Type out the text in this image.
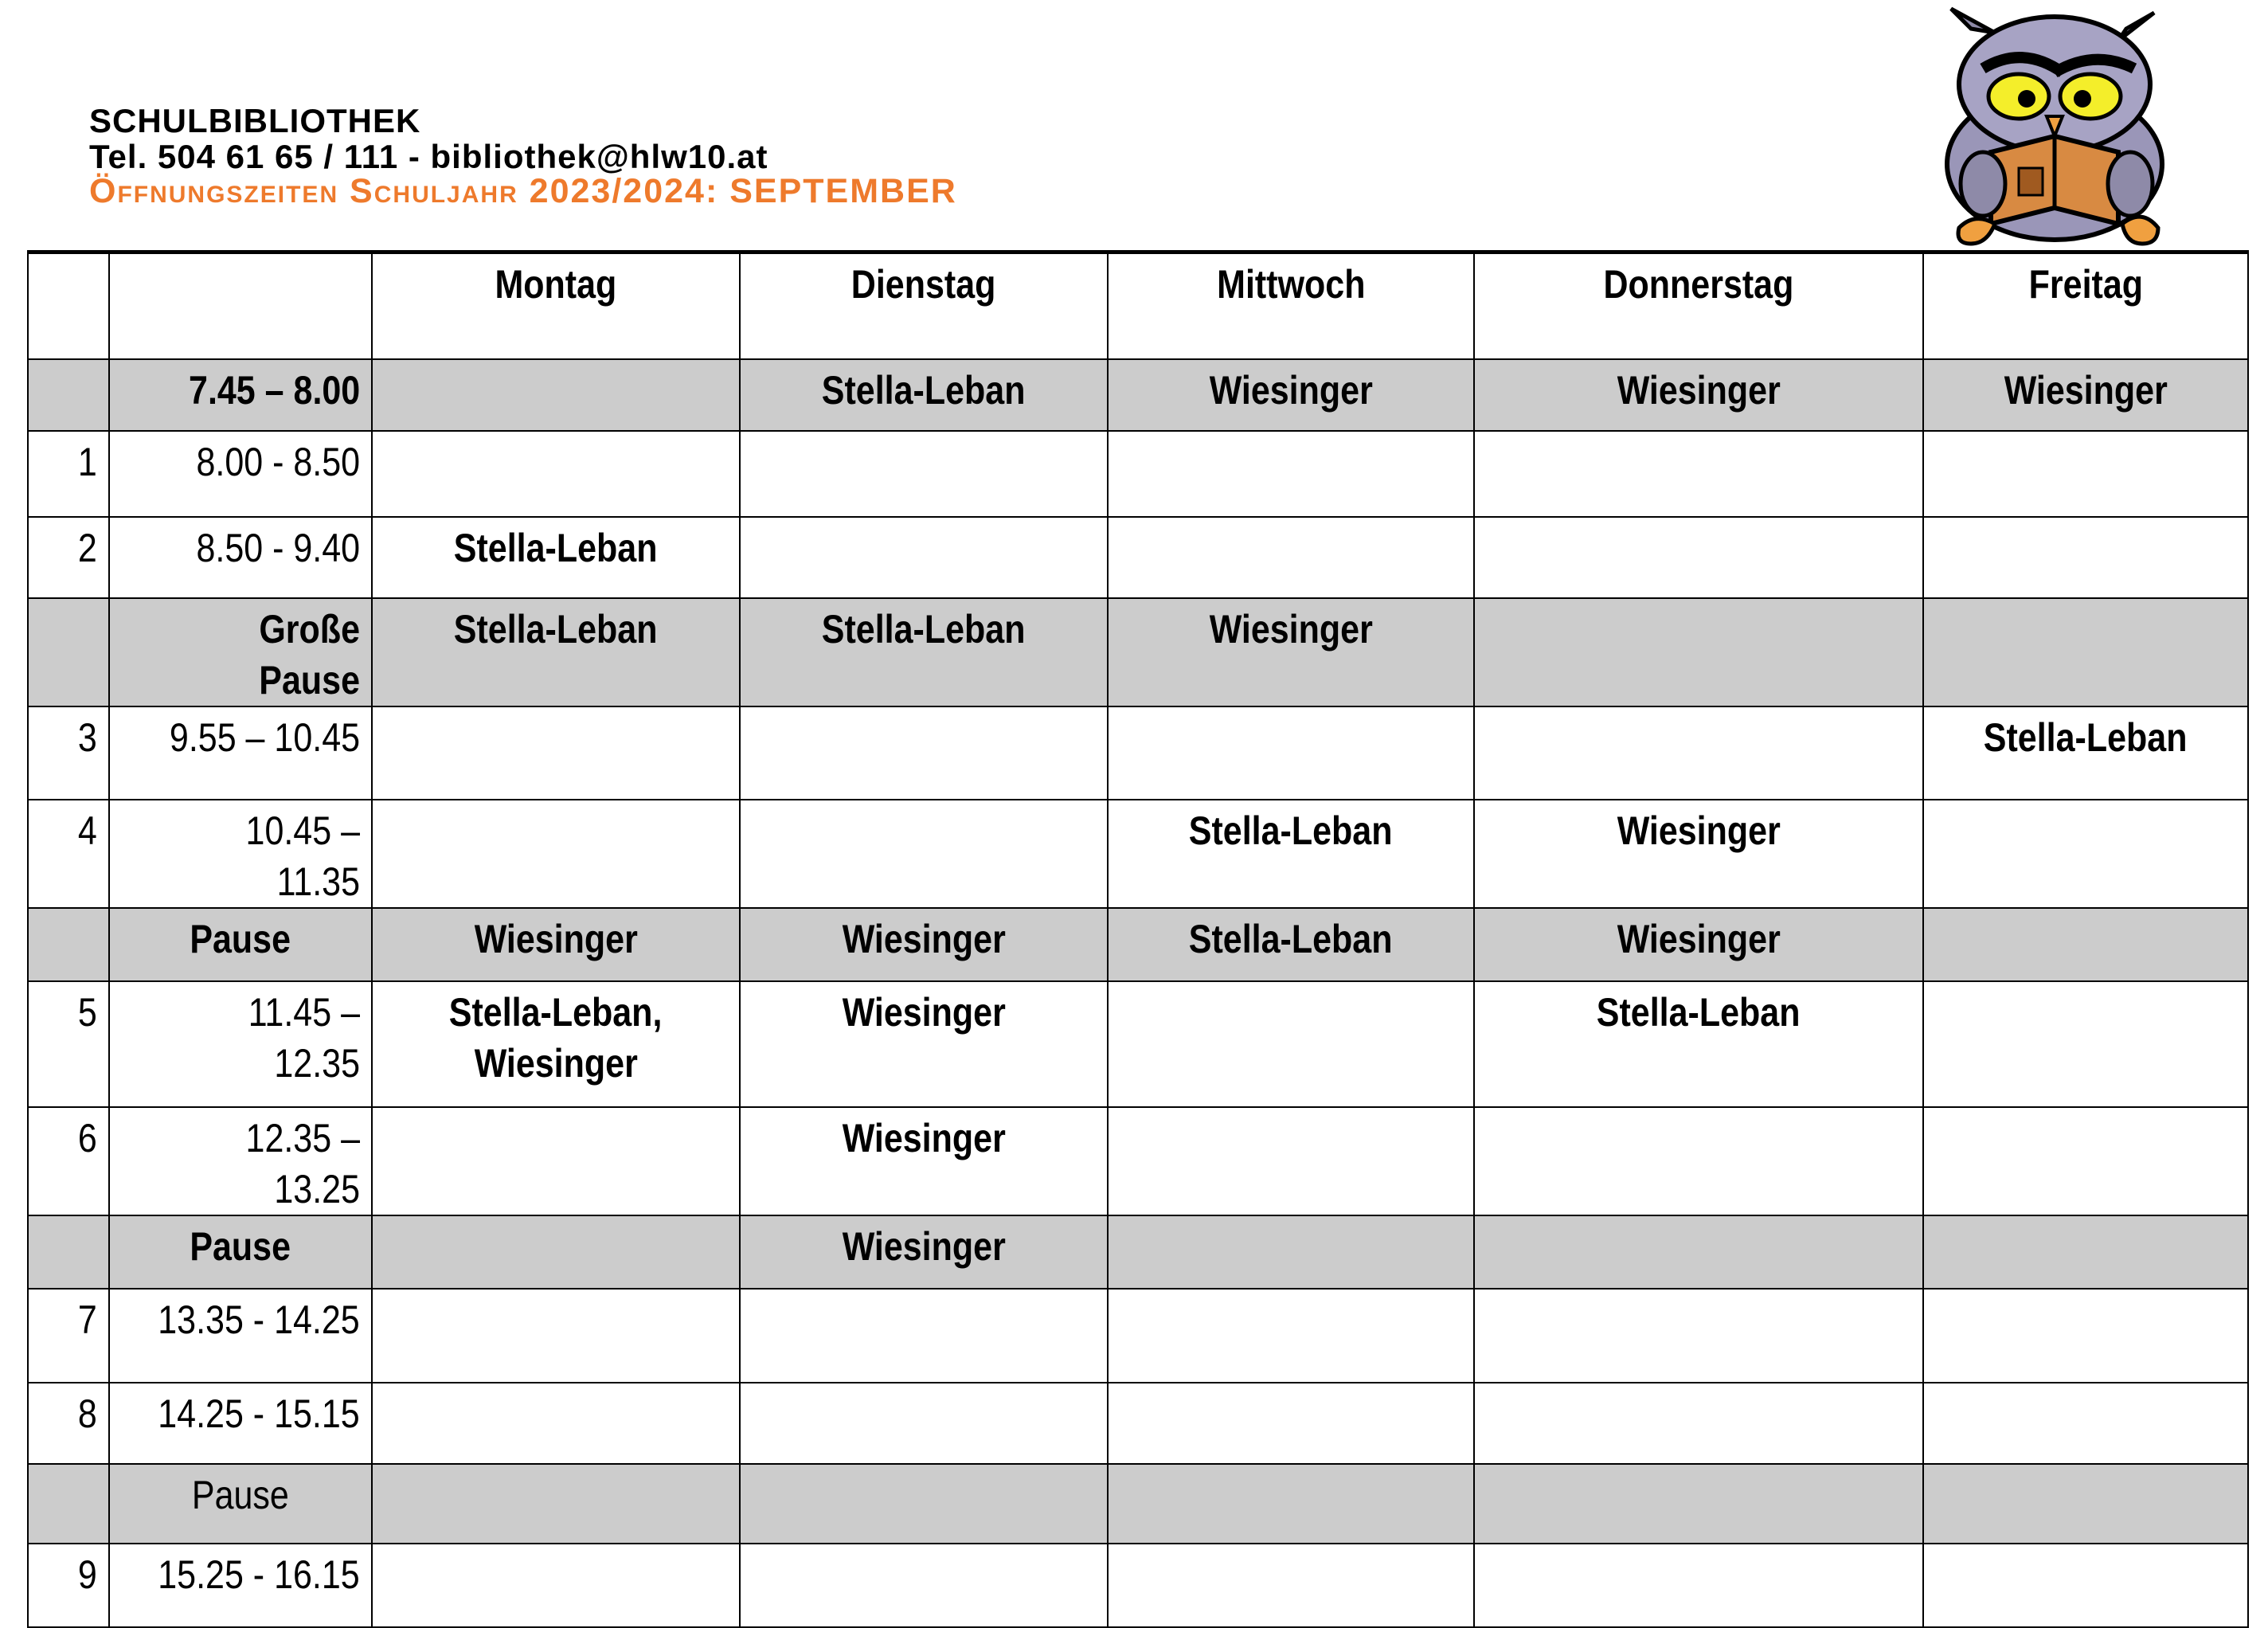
SCHULBIBLIOTHEK
Tel. 504 61 65 / 111 - bibliothek@hlw10.at
Öffnungszeiten Schuljahr 2023/2024: SEPTEMBER
		Montag	Dienstag	Mittwoch	Donnerstag	Freitag
	7.45 – 8.00		Stella-Leban	Wiesinger	Wiesinger	Wiesinger
1	8.00 - 8.50					
2	8.50 - 9.40	Stella-Leban				
	Große Pause	Stella-Leban	Stella-Leban	Wiesinger		
3	9.55 – 10.45					Stella-Leban
4	10.45 – 11.35			Stella-Leban	Wiesinger	
	Pause	Wiesinger	Wiesinger	Stella-Leban	Wiesinger	
5	11.45 – 12.35	Stella-Leban,
Wiesinger	Wiesinger		Stella-Leban	
6	12.35 – 13.25		Wiesinger			
	Pause		Wiesinger			
7	13.35 - 14.25					
8	14.25 - 15.15					
	Pause					
9	15.25 - 16.15					
